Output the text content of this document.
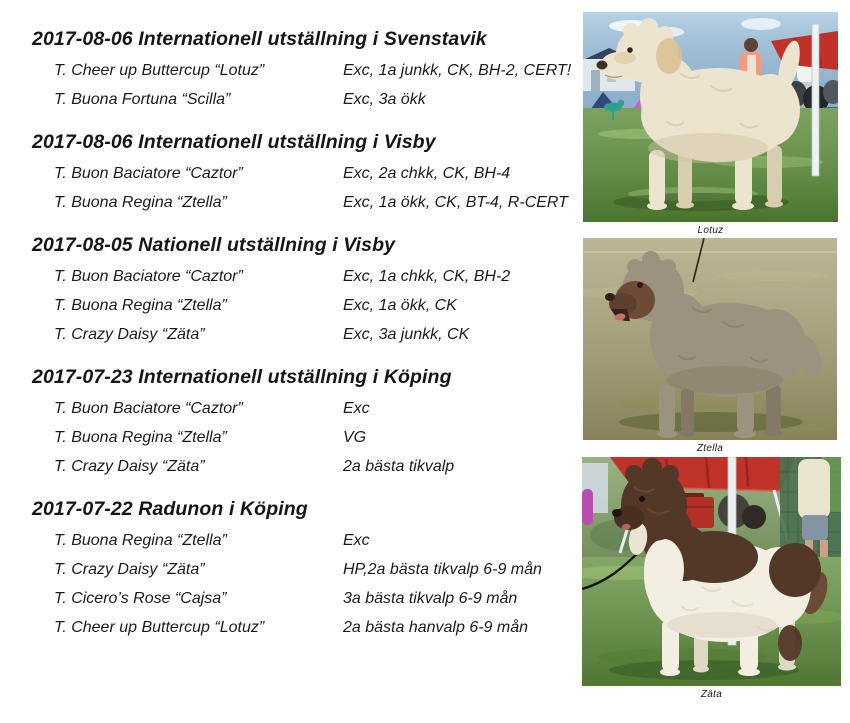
2017-08-06 Internationell utställning i Svenstavik
T. Cheer up Buttercup “Lotuz”	Exc, 1a junkk, CK, BH-2, CERT!
T. Buona Fortuna “Scilla”	Exc, 3a ökk
2017-08-06 Internationell utställning i Visby
T. Buon Baciatore “Caztor”	Exc, 2a chkk, CK, BH-4
T. Buona Regina “Ztella”	Exc, 1a ökk, CK, BT-4, R-CERT
2017-08-05 Nationell utställning i Visby
T. Buon Baciatore “Caztor”	Exc, 1a chkk, CK, BH-2
T. Buona Regina “Ztella”	Exc, 1a ökk, CK
T. Crazy Daisy “Zäta”	Exc, 3a junkk, CK
2017-07-23 Internationell utställning i Köping
T. Buon Baciatore “Caztor”	Exc
T. Buona Regina “Ztella”	VG
T. Crazy Daisy “Zäta”	2a bästa tikvalp
2017-07-22 Radunon i Köping
T. Buona Regina “Ztella”	Exc
T. Crazy Daisy “Zäta”	HP,2a bästa tikvalp 6-9 mån
T. Cicero’s Rose “Cajsa”	3a bästa tikvalp 6-9 mån
T. Cheer up Buttercup “Lotuz”	2a bästa hanvalp 6-9 mån
Lotuz
Ztella
Zäta
